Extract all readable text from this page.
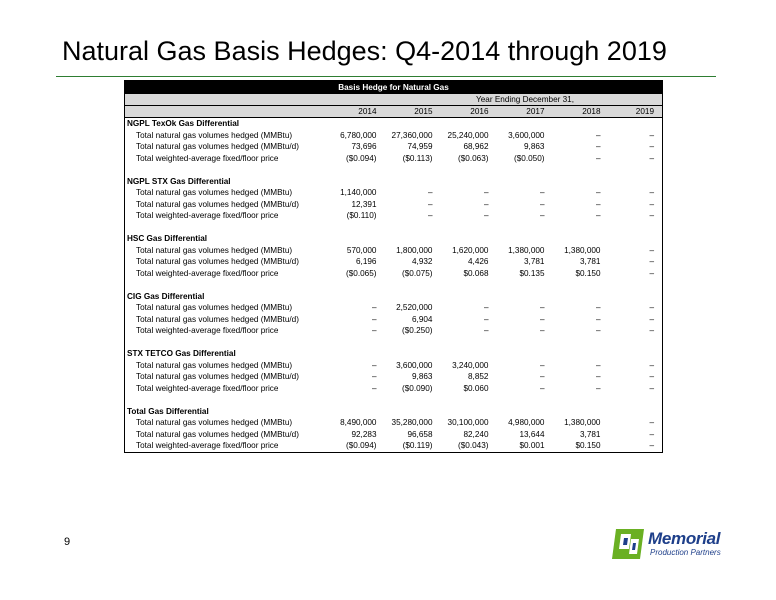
Natural Gas Basis Hedges: Q4-2014 through 2019
Basis Hedge for Natural Gas						
Year Ending December 31,						
	2014	2015	2016	2017	2018	2019
NGPL TexOk Gas Differential						
Total natural gas volumes hedged (MMBtu)	6,780,000	27,360,000	25,240,000	3,600,000	–	–
Total natural gas volumes hedged (MMBtu/d)	73,696	74,959	68,962	9,863	–	–
Total weighted-average fixed/floor price	($0.094)	($0.113)	($0.063)	($0.050)	–	–

NGPL STX Gas Differential						
Total natural gas volumes hedged (MMBtu)	1,140,000	–	–	–	–	–
Total natural gas volumes hedged (MMBtu/d)	12,391	–	–	–	–	–
Total weighted-average fixed/floor price	($0.110)	–	–	–	–	–

HSC Gas Differential						
Total natural gas volumes hedged (MMBtu)	570,000	1,800,000	1,620,000	1,380,000	1,380,000	–
Total natural gas volumes hedged (MMBtu/d)	6,196	4,932	4,426	3,781	3,781	–
Total weighted-average fixed/floor price	($0.065)	($0.075)	$0.068	$0.135	$0.150	–

CIG Gas Differential						
Total natural gas volumes hedged (MMBtu)	–	2,520,000	–	–	–	–
Total natural gas volumes hedged (MMBtu/d)	–	6,904	–	–	–	–
Total weighted-average fixed/floor price	–	($0.250)	–	–	–	–

STX TETCO Gas Differential						
Total natural gas volumes hedged (MMBtu)	–	3,600,000	3,240,000	–	–	–
Total natural gas volumes hedged (MMBtu/d)	–	9,863	8,852	–	–	–
Total weighted-average fixed/floor price	–	($0.090)	$0.060	–	–	–

Total Gas Differential						
Total natural gas volumes hedged (MMBtu)	8,490,000	35,280,000	30,100,000	4,980,000	1,380,000	–
Total natural gas volumes hedged (MMBtu/d)	92,283	96,658	82,240	13,644	3,781	–
Total weighted-average fixed/floor price	($0.094)	($0.119)	($0.043)	$0.001	$0.150	–
9	Memorial
Production Partners
